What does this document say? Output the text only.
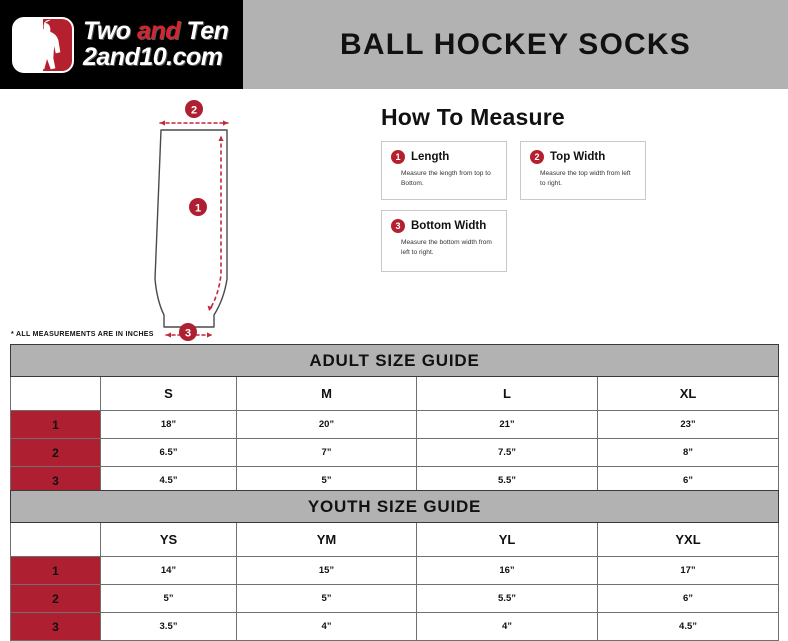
Two and Ten
2and10.com	BALL HOCKEY SOCKS
2
1
3
How To Measure
1 Length
Measure the length from top to Bottom.
2 Top Width
Measure the top width from left to right.
3 Bottom Width
Measure the bottom width from left to right.
* ALL MEASUREMENTS ARE IN INCHES
ADULT SIZE GUIDE				
	S	M	L	XL
1	18”	20”	21”	23”
2	6.5”	7”	7.5”	8”
3	4.5”	5”	5.5”	6”
YOUTH SIZE GUIDE				
	YS	YM	YL	YXL
1	14”	15”	16”	17”
2	5”	5”	5.5”	6”
3	3.5”	4”	4”	4.5”
